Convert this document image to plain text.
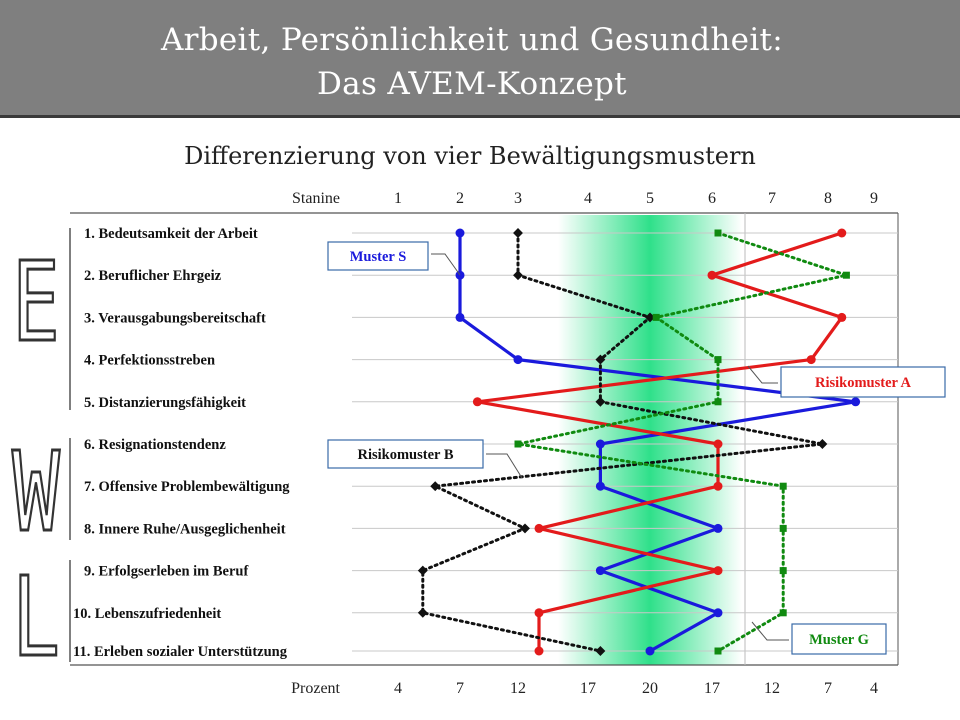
Arbeit, Persönlichkeit und Gesundheit:
Das AVEM-Konzept
Differenzierung von vier Bewältigungsmustern
E
W
L
Stanine	1	2	3	4	5	6	7	8 9
Prozent	4	7	12	17	20	17	12	7 4
1. Bedeutsamkeit der Arbeit
2. Beruflicher Ehrgeiz
3. Verausgabungsbereitschaft
4. Perfektionsstreben
5. Distanzierungsfähigkeit
6. Resignationstendenz
7. Offensive Problembewältigung
8. Innere Ruhe/Ausgeglichenheit
9. Erfolgserleben im Beruf
10. Lebenszufriedenheit
11. Erleben sozialer Unterstützung
Muster S
Risikomuster A
Risikomuster B
Muster G
